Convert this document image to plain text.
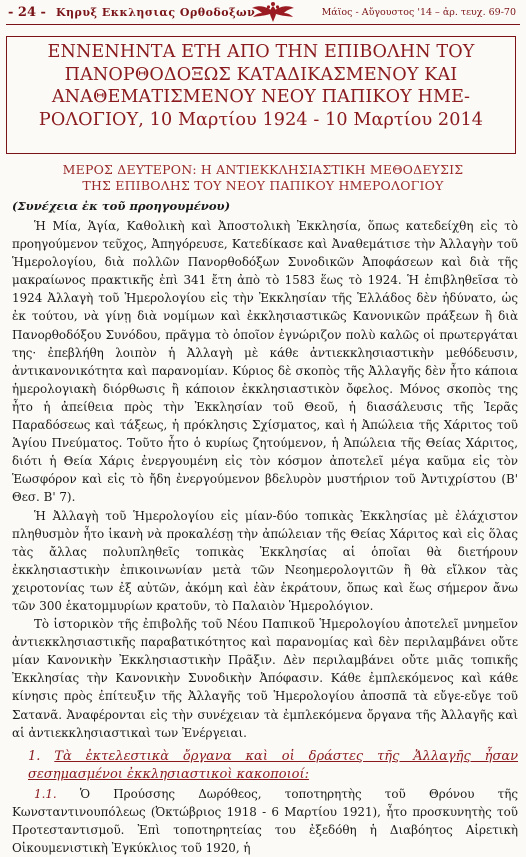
- 24 - Κηρυξ Εκκλησιας Ορθοδοξων	Μάϊος - Αὔγουστος '14 – ἀρ. τευχ. 69-70

ΕΝΝΕΝΗΝΤΑ ΕΤΗ ΑΠΟ ΤΗΝ ΕΠΙΒΟΛΗΝ ΤΟΥ

ΠΑΝΟΡΘΟΔΟΞΩΣ ΚΑΤΑΔΙΚΑΣΜΕΝΟΥ ΚΑΙ

ΑΝΑΘΕΜΑΤΙΣΜΕΝΟΥ ΝΕΟΥ ΠΑΠΙΚΟΥ ΗΜΕ-

ΡΟΛΟΓΙΟΥ, 10 Μαρτίου 1924 - 10 Μαρτίου 2014

ΜΕΡΟΣ ΔΕΥΤΕΡΟΝ: Η ΑΝΤΙΕΚΚΛΗΣΙΑΣΤΙΚΗ ΜΕΘΟΔΕΥΣΙΣ
ΤΗΣ ΕΠΙΒΟΛΗΣ ΤΟΥ ΝΕΟΥ ΠΑΠΙΚΟΥ ΗΜΕΡΟΛΟΓΙΟΥ
(Συνέχεια ἐκ τοῦ προηγουμένου)

Ἡ Μία, Ἁγία, Καθολικὴ καὶ Ἀποστολικὴ Ἐκκλησία, ὅπως κατεδείχθη εἰς τὸ προηγούμενον τεῦχος, Ἀπηγόρευσε, Κατεδίκασε καὶ Ἀναθεμάτισε τὴν Ἀλλαγὴν τοῦ Ἡμερολογίου, διὰ πολλῶν Πανορθοδόξων Συνοδικῶν Ἀποφάσεων καὶ διὰ τῆς μακραίωνος πρακτικῆς ἐπὶ 341 ἔτη ἀπὸ τὸ 1583 ἕως τὸ 1924. Ἡ ἐπιβληθεῖσα τὸ 1924 Ἀλλαγὴ τοῦ Ἡμερολογίου εἰς τὴν Ἐκκλησίαν τῆς Ἑλλάδος δὲν ἠδύνατο, ὡς ἐκ τούτου, νὰ γίνῃ διὰ νομίμων καὶ ἐκκλησιαστικῶς Κανονικῶν πράξεων ἢ διὰ Πανορθοδόξου Συνόδου, πρᾶγμα τὸ ὁποῖον ἐγνώριζον πολὺ καλῶς οἱ πρωτεργάται της· ἐπεβλήθη λοιπὸν ἡ Ἀλλαγὴ μὲ κάθε ἀντιεκκλησιαστικὴν μεθόδευσιν, ἀντικανονικότητα καὶ παρανομίαν. Κύριος δὲ σκοπὸς τῆς Ἀλλαγῆς δὲν ἦτο κάποια ἡμερολογιακὴ διόρθωσις ἢ κάποιον ἐκκλησιαστικὸν ὄφελος. Μόνος σκοπὸς της ἦτο ἡ ἀπείθεια πρὸς τὴν Ἐκκλησίαν τοῦ Θεοῦ, ἡ διασάλευσις τῆς Ἱερᾶς Παραδόσεως καὶ τάξεως, ἡ πρόκλησις Σχίσματος, καὶ ἡ Ἀπώλεια τῆς Χάριτος τοῦ Ἁγίου Πνεύματος. Τοῦτο ἦτο ὁ κυρίως ζητούμενον, ἡ Ἀπώλεια τῆς Θείας Χάριτος, διότι ἡ Θεία Χάρις ἐνεργουμένη εἰς τὸν κόσμον ἀποτελεῖ μέγα καῦμα εἰς τὸν Ἑωσφόρον καὶ εἰς τὸ ἤδη ἐνεργούμενον βδελυρὸν μυστήριον τοῦ Ἀντιχρίστου (Β' Θεσ. Β' 7).

Ἡ Ἀλλαγὴ τοῦ Ἡμερολογίου εἰς μίαν-δύο τοπικὰς Ἐκκλησίας μὲ ἐλάχιστον πληθυσμὸν ἦτο ἱκανὴ νὰ προκαλέσῃ τὴν ἀπώλειαν τῆς Θείας Χάριτος καὶ εἰς ὅλας τὰς ἄλλας πολυπληθεῖς τοπικὰς Ἐκκλησίας αἱ ὁποῖαι θὰ διετήρουν ἐκκλησιαστικὴν ἐπικοινωνίαν μετὰ τῶν Νεοημερολογιτῶν ἢ θὰ εἴλκον τὰς χειροτονίας των ἐξ αὐτῶν, ἀκόμη καὶ ἐὰν ἐκράτουν, ὅπως καὶ ἕως σήμερον ἄνω τῶν 300 ἑκατομμυρίων κρατοῦν, τὸ Παλαιὸν Ἡμερολόγιον.

Τὸ ἱστορικὸν τῆς ἐπιβολῆς τοῦ Νέου Παπικοῦ Ἡμερολογίου ἀποτελεῖ μνημεῖον ἀντιεκκλησιαστικῆς παραβατικότητος καὶ παρανομίας καὶ δὲν περιλαμβάνει οὔτε μίαν Κανονικὴν Ἐκκλησιαστικὴν Πρᾶξιν. Δὲν περιλαμβάνει οὔτε μιᾶς τοπικῆς Ἐκκλησίας τὴν Κανονικὴν Συνοδικὴν Ἀπόφασιν. Κάθε ἐμπλεκόμενος καὶ κάθε κίνησις πρὸς ἐπίτευξιν τῆς Ἀλλαγῆς τοῦ Ἡμερολογίου ἀποσπᾶ τὰ εὔγε-εὔγε τοῦ Σατανᾶ. Ἀναφέρονται εἰς τὴν συνέχειαν τὰ ἐμπλεκόμενα ὄργανα τῆς Ἀλλαγῆς καὶ αἱ ἀντιεκκλησιαστικαὶ των Ἐνέργειαι.

1. Τὰ ἐκτελεστικὰ ὄργανα καὶ οἱ δράστες τῆς Ἀλλαγῆς ἦσαν σεσημασμένοι ἐκκλησιαστικοὶ κακοποιοί:

1.1. Ὁ Προύσσης Δωρόθεος, τοποτηρητὴς τοῦ Θρόνου τῆς Κωνσταντινουπόλεως (Ὀκτώβριος 1918 - 6 Μαρτίου 1921), ἦτο προσκυνητὴς τοῦ Προτεσταντισμοῦ. Ἐπὶ τοποτηρητείας του ἐξεδόθη ἡ Διαβόητος Αἱρετικὴ Οἰκουμενιστικὴ Ἐγκύκλιος τοῦ 1920, ἡ
